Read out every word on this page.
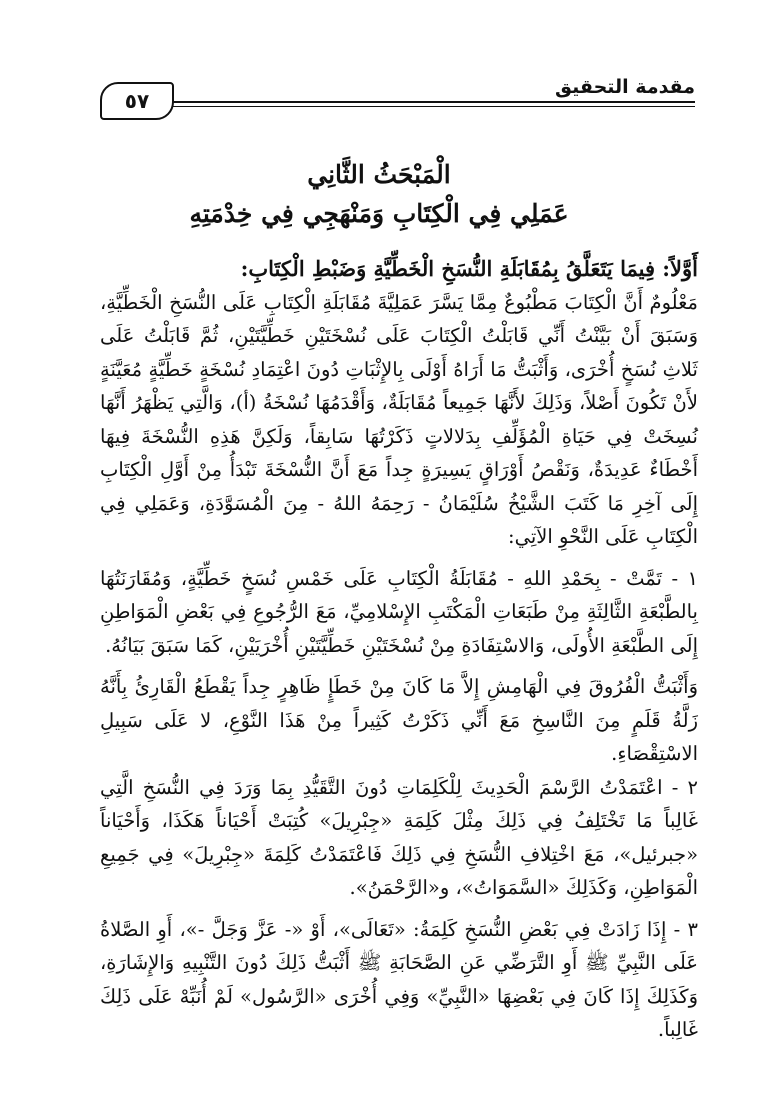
مقدمة التحقيق
٥٧
الْمَبْحَثُ الثَّانِي
عَمَلِي فِي الْكِتَابِ وَمَنْهَجِي فِي خِدْمَتِهِ

أَوَّلاً: فِيمَا يَتَعَلَّقُ بِمُقَابَلَةِ النُّسَخِ الْخَطِّيَّةِ وَضَبْطِ الْكِتَابِ:

مَعْلُومٌ أَنَّ الْكِتَابَ مَطْبُوعٌ مِمَّا يَسَّرَ عَمَلِيَّةَ مُقَابَلَةِ الْكِتَابِ عَلَى النُّسَخِ الْخَطِّيَّةِ، وَسَبَقَ أَنْ بَيَّنْتُ أَنِّي قَابَلْتُ الْكِتَابَ عَلَى نُسْخَتَيْنِ خَطِّيَّتَيْنِ، ثُمَّ قَابَلْتُ عَلَى ثَلاثِ نُسَخٍ أُخْرَى، وَأَثْبَتُّ مَا أَرَاهُ أَوْلَى بِالإِثْبَاتِ دُونَ اعْتِمَادِ نُسْخَةٍ خَطِّيَّةٍ مُعَيَّنَةٍ لأَنْ تَكُونَ أَصْلاً، وَذَلِكَ لأَنَّهَا جَمِيعاً مُقَابَلَةٌ، وَأَقْدَمُهَا نُسْخَةُ (أ)، وَالَّتِي يَظْهَرُ أَنَّهَا نُسِخَتْ فِي حَيَاةِ الْمُؤَلِّفِ بِدَلالاتٍ ذَكَرْتُهَا سَابِقاً، وَلَكِنَّ هَذِهِ النُّسْخَةَ فِيهَا أَخْطَاءٌ عَدِيدَةٌ، وَنَقْصُ أَوْرَاقٍ يَسِيرَةٍ جِداً مَعَ أَنَّ النُّسْخَةَ تَبْدَأُ مِنْ أَوَّلِ الْكِتَابِ إِلَى آخِرِ مَا كَتَبَ الشَّيْخُ سُلَيْمَانُ - رَحِمَهُ اللهُ - مِنَ الْمُسَوَّدَةِ، وَعَمَلِي فِي الْكِتَابِ عَلَى النَّحْوِ الآتِي:

١ - تَمَّتْ - بِحَمْدِ اللهِ - مُقَابَلَةُ الْكِتَابِ عَلَى خَمْسِ نُسَخٍ خَطِّيَّةٍ، وَمُقَارَنَتُهَا بِالطَّبْعَةِ الثَّالِثَةِ مِنْ طَبَعَاتِ الْمَكْتَبِ الإِسْلامِيِّ، مَعَ الرُّجُوعِ فِي بَعْضِ الْمَوَاطِنِ إِلَى الطَّبْعَةِ الأُولَى، وَالاسْتِفَادَةِ مِنْ نُسْخَتَيْنِ خَطِّيَّتَيْنِ أُخْرَيَيْنِ، كَمَا سَبَقَ بَيَانُهُ.

وَأَثْبَتُّ الْفُرُوقَ فِي الْهَامِشِ إِلاَّ مَا كَانَ مِنْ خَطَإٍ ظَاهِرٍ جِداً يَقْطَعُ الْقَارِئُ بِأَنَّهُ زَلَّةُ قَلَمٍ مِنَ النَّاسِخِ مَعَ أَنِّي ذَكَرْتُ كَثِيراً مِنْ هَذَا النَّوْعِ، لا عَلَى سَبِيلِ الاسْتِقْصَاءِ.

٢ - اعْتَمَدْتُ الرَّسْمَ الْحَدِيثَ لِلْكَلِمَاتِ دُونَ التَّقَيُّدِ بِمَا وَرَدَ فِي النُّسَخِ الَّتِي غَالِباً مَا تَخْتَلِفُ فِي ذَلِكَ مِثْلَ كَلِمَةِ «جِبْرِيلَ» كُتِبَتْ أَحْيَاناً هَكَذَا، وَأَحْيَاناً «جبرئيل»، مَعَ اخْتِلافِ النُّسَخِ فِي ذَلِكَ فَاعْتَمَدْتُ كَلِمَةَ «جِبْرِيلَ» فِي جَمِيعِ الْمَوَاطِنِ، وَكَذَلِكَ «السَّمَوَاتُ»، و«الرَّحْمَنُ».

٣ - إِذَا زَادَتْ فِي بَعْضِ النُّسَخِ كَلِمَةُ: «تَعَالَى»، أَوْ «- عَزَّ وَجَلَّ -»، أَوِ الصَّلاةُ عَلَى النَّبِيِّ ﷺ أَوِ التَّرَضِّي عَنِ الصَّحَابَةِ ﷺ أَثْبَتُّ ذَلِكَ دُونَ التَّنْبِيهِ وَالإِشَارَةِ، وَكَذَلِكَ إِذَا كَانَ فِي بَعْضِهَا «النَّبِيِّ» وَفِي أُخْرَى «الرَّسُول» لَمْ أُنَبِّهْ عَلَى ذَلِكَ غَالِباً.
